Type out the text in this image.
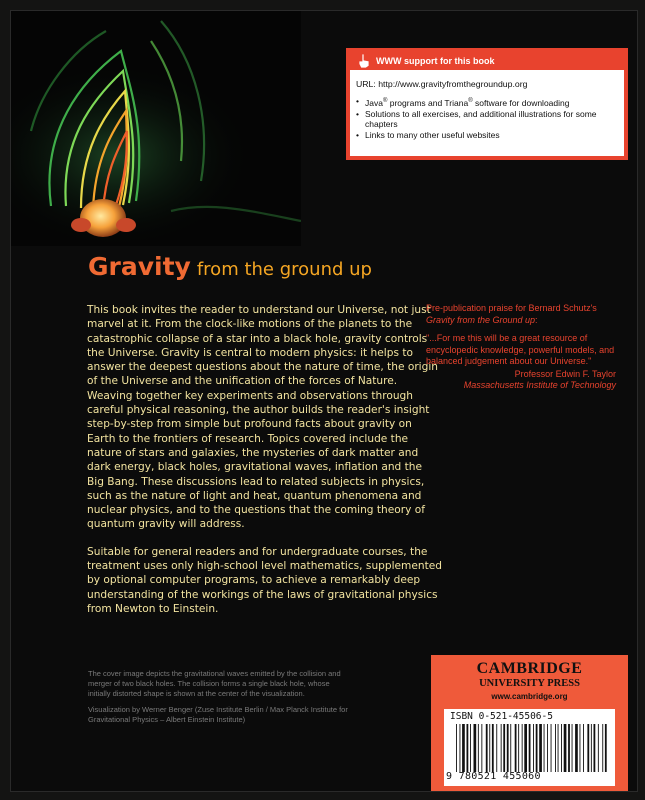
WWW support for this book
URL: http://www.gravityfromthegroundup.org
• Java® programs and Triana® software for downloading
• Solutions to all exercises, and additional illustrations for some chapters
• Links to many other useful websites
Gravity from the ground up

This book invites the reader to understand our Universe, not just marvel at it. From the clock-like motions of the planets to the catastrophic collapse of a star into a black hole, gravity controls the Universe. Gravity is central to modern physics: it helps to answer the deepest questions about the nature of time, the origin of the Universe and the unification of the forces of Nature. Weaving together key experiments and observations through careful physical reasoning, the author builds the reader's insight step-by-step from simple but profound facts about gravity on Earth to the frontiers of research. Topics covered include the nature of stars and galaxies, the mysteries of dark matter and dark energy, black holes, gravitational waves, inflation and the Big Bang. These discussions lead to related subjects in physics, such as the nature of light and heat, quantum phenomena and nuclear physics, and to the questions that the coming theory of quantum gravity will address.

Suitable for general readers and for undergraduate courses, the treatment uses only high-school level mathematics, supplemented by optional computer programs, to achieve a remarkably deep understanding of the workings of the laws of gravitational physics from Newton to Einstein.

Pre-publication praise for Bernard Schutz's Gravity from the Ground up:

"...For me this will be a great resource of encyclopedic knowledge, powerful models, and balanced judgement about our Universe."

Professor Edwin F. Taylor
Massachusetts Institute of Technology

The cover image depicts the gravitational waves emitted by the collision and merger of two black holes. The collision forms a single black hole, whose initially distorted shape is shown at the center of the visualization.

Visualization by Werner Benger (Zuse Institute Berlin / Max Planck Institute for Gravitational Physics – Albert Einstein Institute)

CAMBRIDGE
UNIVERSITY PRESS
www.cambridge.org
ISBN 0-521-45506-5
9 780521 455060
